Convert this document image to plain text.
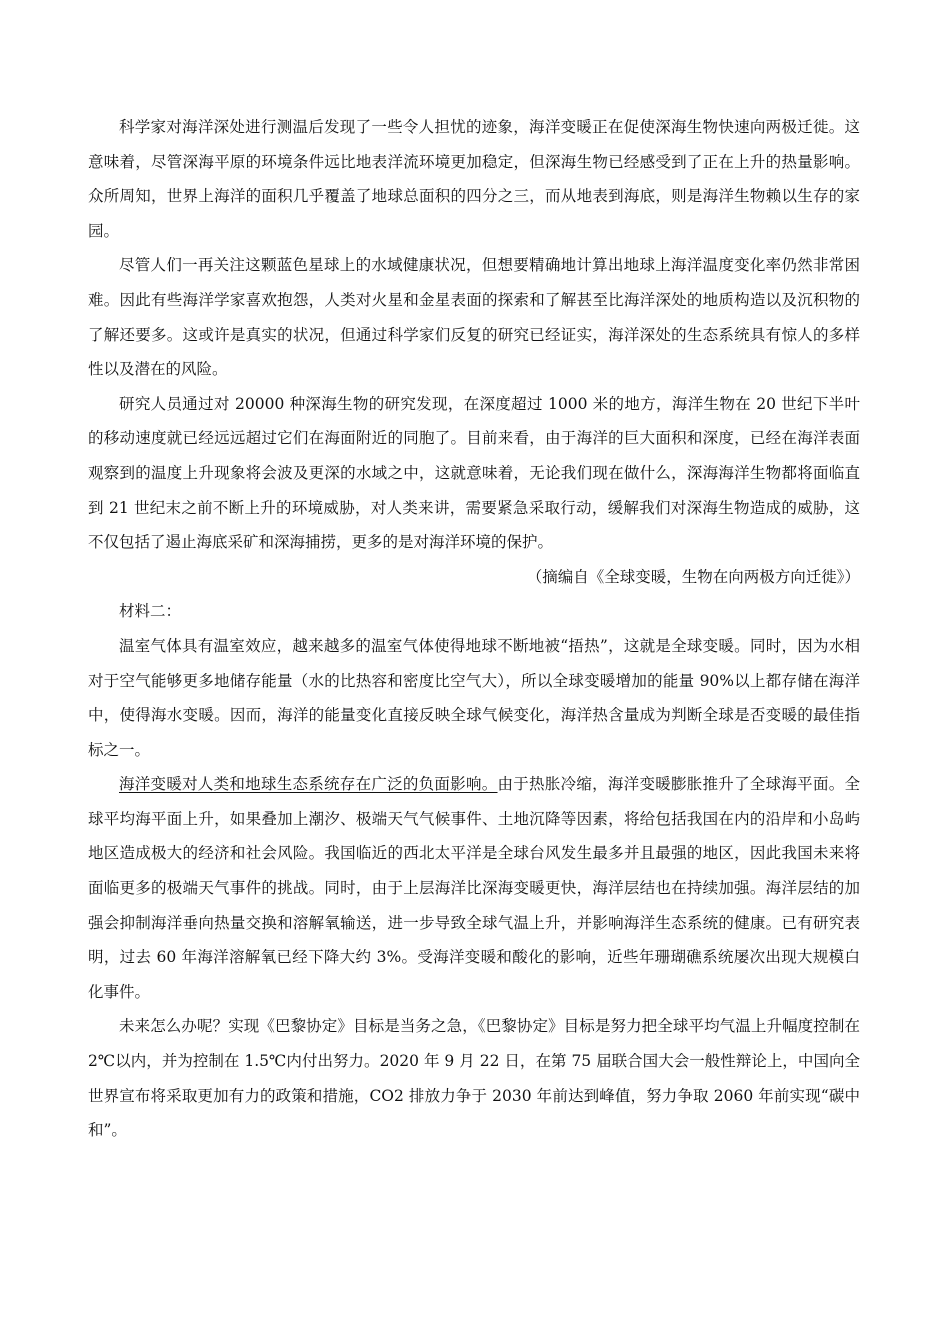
科学家对海洋深处进行测温后发现了一些令人担忧的迹象，海洋变暖正在促使深海生物快速向两极迁徙。这意味着，尽管深海平原的环境条件远比地表洋流环境更加稳定，但深海生物已经感受到了正在上升的热量影响。众所周知，世界上海洋的面积几乎覆盖了地球总面积的四分之三，而从地表到海底，则是海洋生物赖以生存的家园。

尽管人们一再关注这颗蓝色星球上的水域健康状况，但想要精确地计算出地球上海洋温度变化率仍然非常困难。因此有些海洋学家喜欢抱怨，人类对火星和金星表面的探索和了解甚至比海洋深处的地质构造以及沉积物的了解还要多。这或许是真实的状况，但通过科学家们反复的研究已经证实，海洋深处的生态系统具有惊人的多样性以及潜在的风险。

研究人员通过对 20000 种深海生物的研究发现，在深度超过 1000 米的地方，海洋生物在 20 世纪下半叶的移动速度就已经远远超过它们在海面附近的同胞了。目前来看，由于海洋的巨大面积和深度，已经在海洋表面观察到的温度上升现象将会波及更深的水域之中，这就意味着，无论我们现在做什么，深海海洋生物都将面临直到 21 世纪末之前不断上升的环境威胁，对人类来讲，需要紧急采取行动，缓解我们对深海生物造成的威胁，这不仅包括了遏止海底采矿和深海捕捞，更多的是对海洋环境的保护。

（摘编自《全球变暖，生物在向两极方向迁徙》）

材料二：

温室气体具有温室效应，越来越多的温室气体使得地球不断地被“捂热”，这就是全球变暖。同时，因为水相对于空气能够更多地储存能量（水的比热容和密度比空气大），所以全球变暖增加的能量 90%以上都存储在海洋中，使得海水变暖。因而，海洋的能量变化直接反映全球气候变化，海洋热含量成为判断全球是否变暖的最佳指标之一。

海洋变暖对人类和地球生态系统存在广泛的负面影响。由于热胀冷缩，海洋变暖膨胀推升了全球海平面。全球平均海平面上升，如果叠加上潮汐、极端天气气候事件、土地沉降等因素，将给包括我国在内的沿岸和小岛屿地区造成极大的经济和社会风险。我国临近的西北太平洋是全球台风发生最多并且最强的地区，因此我国未来将面临更多的极端天气事件的挑战。同时，由于上层海洋比深海变暖更快，海洋层结也在持续加强。海洋层结的加强会抑制海洋垂向热量交换和溶解氧输送，进一步导致全球气温上升，并影响海洋生态系统的健康。已有研究表明，过去 60 年海洋溶解氧已经下降大约 3%。受海洋变暖和酸化的影响，近些年珊瑚礁系统屡次出现大规模白化事件。

未来怎么办呢？实现《巴黎协定》目标是当务之急，《巴黎协定》目标是努力把全球平均气温上升幅度控制在 2℃以内，并为控制在 1.5℃内付出努力。2020 年 9 月 22 日，在第 75 届联合国大会一般性辩论上，中国向全世界宣布将采取更加有力的政策和措施，CO2 排放力争于 2030 年前达到峰值，努力争取 2060 年前实现“碳中和”。
